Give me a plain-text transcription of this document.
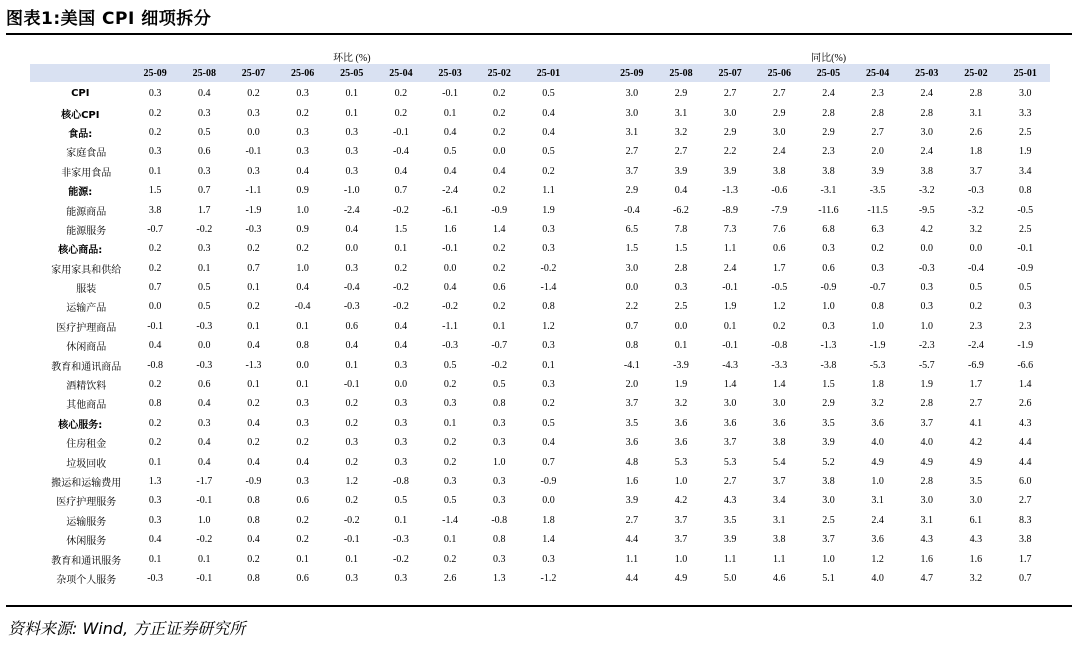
图表1:美国 CPI 细项拆分
	环比 (%)										同比(%)								
	25-09	25-08	25-07	25-06	25-05	25-04	25-03	25-02	25-01		25-09	25-08	25-07	25-06	25-05	25-04	25-03	25-02	25-01
CPI	0.3	0.4	0.2	0.3	0.1	0.2	-0.1	0.2	0.5		3.0	2.9	2.7	2.7	2.4	2.3	2.4	2.8	3.0
核心CPI	0.2	0.3	0.3	0.2	0.1	0.2	0.1	0.2	0.4		3.0	3.1	3.0	2.9	2.8	2.8	2.8	3.1	3.3
食品:	0.2	0.5	0.0	0.3	0.3	-0.1	0.4	0.2	0.4		3.1	3.2	2.9	3.0	2.9	2.7	3.0	2.6	2.5
家庭食品	0.3	0.6	-0.1	0.3	0.3	-0.4	0.5	0.0	0.5		2.7	2.7	2.2	2.4	2.3	2.0	2.4	1.8	1.9
非家用食品	0.1	0.3	0.3	0.4	0.3	0.4	0.4	0.4	0.2		3.7	3.9	3.9	3.8	3.8	3.9	3.8	3.7	3.4
能源:	1.5	0.7	-1.1	0.9	-1.0	0.7	-2.4	0.2	1.1		2.9	0.4	-1.3	-0.6	-3.1	-3.5	-3.2	-0.3	0.8
能源商品	3.8	1.7	-1.9	1.0	-2.4	-0.2	-6.1	-0.9	1.9		-0.4	-6.2	-8.9	-7.9	-11.6	-11.5	-9.5	-3.2	-0.5
能源服务	-0.7	-0.2	-0.3	0.9	0.4	1.5	1.6	1.4	0.3		6.5	7.8	7.3	7.6	6.8	6.3	4.2	3.2	2.5
核心商品:	0.2	0.3	0.2	0.2	0.0	0.1	-0.1	0.2	0.3		1.5	1.5	1.1	0.6	0.3	0.2	0.0	0.0	-0.1
家用家具和供给	0.2	0.1	0.7	1.0	0.3	0.2	0.0	0.2	-0.2		3.0	2.8	2.4	1.7	0.6	0.3	-0.3	-0.4	-0.9
服装	0.7	0.5	0.1	0.4	-0.4	-0.2	0.4	0.6	-1.4		0.0	0.3	-0.1	-0.5	-0.9	-0.7	0.3	0.5	0.5
运输产品	0.0	0.5	0.2	-0.4	-0.3	-0.2	-0.2	0.2	0.8		2.2	2.5	1.9	1.2	1.0	0.8	0.3	0.2	0.3
医疗护理商品	-0.1	-0.3	0.1	0.1	0.6	0.4	-1.1	0.1	1.2		0.7	0.0	0.1	0.2	0.3	1.0	1.0	2.3	2.3
休闲商品	0.4	0.0	0.4	0.8	0.4	0.4	-0.3	-0.7	0.3		0.8	0.1	-0.1	-0.8	-1.3	-1.9	-2.3	-2.4	-1.9
教育和通讯商品	-0.8	-0.3	-1.3	0.0	0.1	0.3	0.5	-0.2	0.1		-4.1	-3.9	-4.3	-3.3	-3.8	-5.3	-5.7	-6.9	-6.6
酒精饮料	0.2	0.6	0.1	0.1	-0.1	0.0	0.2	0.5	0.3		2.0	1.9	1.4	1.4	1.5	1.8	1.9	1.7	1.4
其他商品	0.8	0.4	0.2	0.3	0.2	0.3	0.3	0.8	0.2		3.7	3.2	3.0	3.0	2.9	3.2	2.8	2.7	2.6
核心服务:	0.2	0.3	0.4	0.3	0.2	0.3	0.1	0.3	0.5		3.5	3.6	3.6	3.6	3.5	3.6	3.7	4.1	4.3
住房租金	0.2	0.4	0.2	0.2	0.3	0.3	0.2	0.3	0.4		3.6	3.6	3.7	3.8	3.9	4.0	4.0	4.2	4.4
垃圾回收	0.1	0.4	0.4	0.4	0.2	0.3	0.2	1.0	0.7		4.8	5.3	5.3	5.4	5.2	4.9	4.9	4.9	4.4
搬运和运输费用	1.3	-1.7	-0.9	0.3	1.2	-0.8	0.3	0.3	-0.9		1.6	1.0	2.7	3.7	3.8	1.0	2.8	3.5	6.0
医疗护理服务	0.3	-0.1	0.8	0.6	0.2	0.5	0.5	0.3	0.0		3.9	4.2	4.3	3.4	3.0	3.1	3.0	3.0	2.7
运输服务	0.3	1.0	0.8	0.2	-0.2	0.1	-1.4	-0.8	1.8		2.7	3.7	3.5	3.1	2.5	2.4	3.1	6.1	8.3
休闲服务	0.4	-0.2	0.4	0.2	-0.1	-0.3	0.1	0.8	1.4		4.4	3.7	3.9	3.8	3.7	3.6	4.3	4.3	3.8
教育和通讯服务	0.1	0.1	0.2	0.1	0.1	-0.2	0.2	0.3	0.3		1.1	1.0	1.1	1.1	1.0	1.2	1.6	1.6	1.7
杂项个人服务	-0.3	-0.1	0.8	0.6	0.3	0.3	2.6	1.3	-1.2		4.4	4.9	5.0	4.6	5.1	4.0	4.7	3.2	0.7
资料来源: Wind, 方正证券研究所
